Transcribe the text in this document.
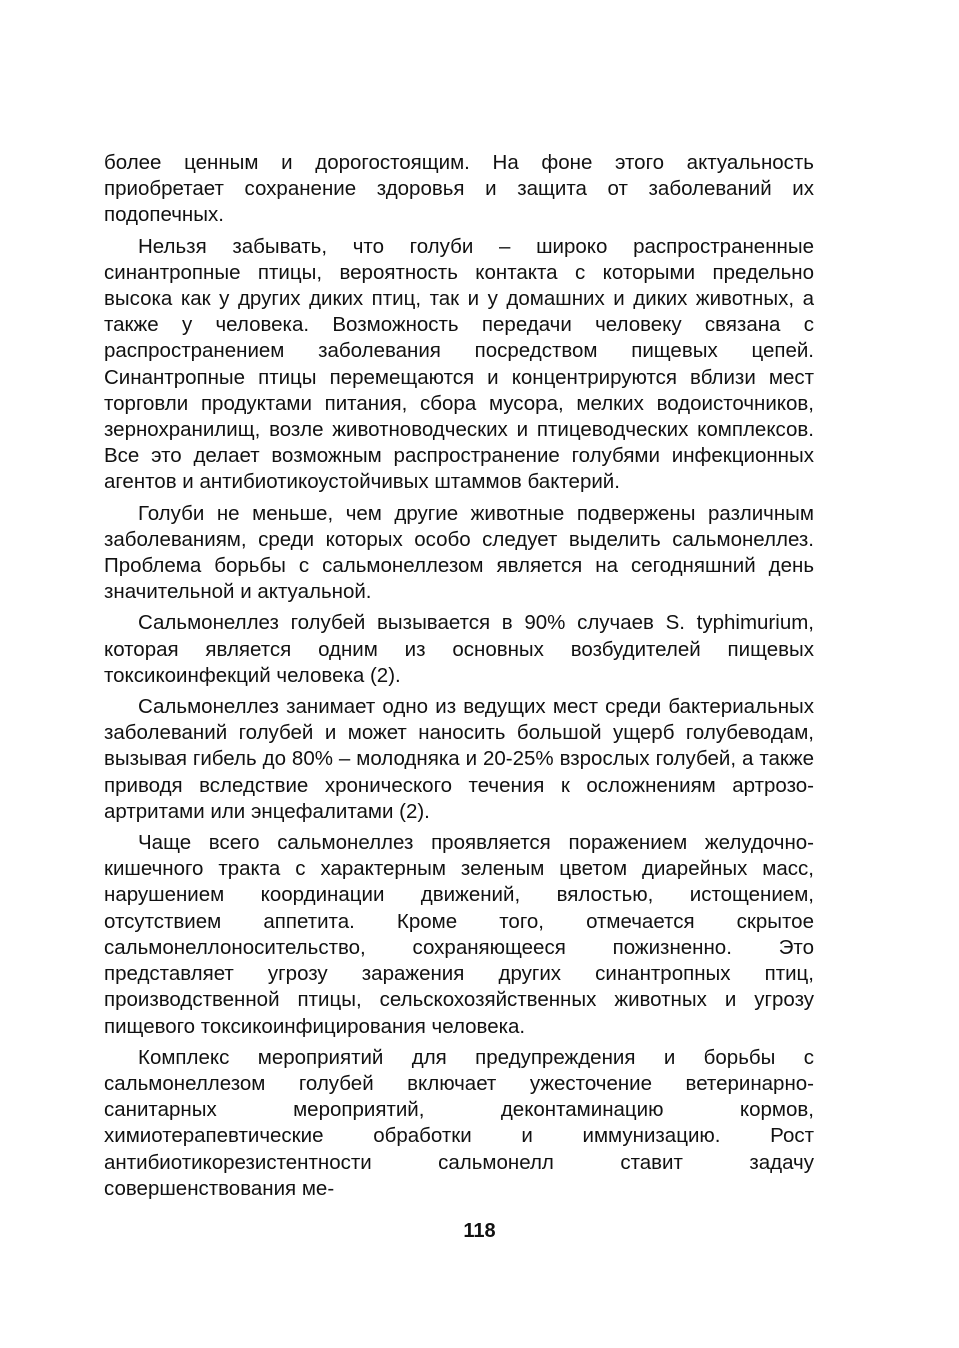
более ценным и дорогостоящим. На фоне этого актуальность приобретает сохранение здоровья и защита от заболеваний их подопечных.

Нельзя забывать, что голуби – широко распространенные синантропные птицы, вероятность контакта с которыми предельно высока как у других диких птиц, так и у домашних и диких животных, а также у человека. Возможность передачи человеку связана с распространением заболевания посредством пищевых цепей. Синантропные птицы перемещаются и концентрируются вблизи мест торговли продуктами питания, сбора мусора, мелких водоисточников, зернохранилищ, возле животноводческих и птицеводческих комплексов. Все это делает возможным распространение голубями инфекционных агентов и антибиотикоустойчивых штаммов бактерий.

Голуби не меньше, чем другие животные подвержены различным заболеваниям, среди которых особо следует выделить сальмонеллез. Проблема борьбы с сальмонеллезом является на сегодняшний день значительной и актуальной.

Сальмонеллез голубей вызывается в 90% случаев S. typhimurium, которая является одним из основных возбудителей пищевых токсикоинфекций человека (2).

Сальмонеллез занимает одно из ведущих мест среди бактериальных заболеваний голубей и может наносить большой ущерб голубеводам, вызывая гибель до 80% – молодняка и 20-25% взрослых голубей, а также приводя вследствие хронического течения к осложнениям артрозо-артритами или энцефалитами (2).

Чаще всего сальмонеллез проявляется поражением желудочно-кишечного тракта с характерным зеленым цветом диарейных масс, нарушением координации движений, вялостью, истощением, отсутствием аппетита. Кроме того, отмечается скрытое сальмонеллоносительство, сохраняющееся пожизненно. Это представляет угрозу заражения других синантропных птиц, производственной птицы, сельскохозяйственных животных и угрозу пищевого токсикоинфицирования человека.

Комплекс мероприятий для предупреждения и борьбы с сальмонеллезом голубей включает ужесточение ветеринарно-санитарных мероприятий, деконтаминацию кормов, химиотерапевтические обработки и иммунизацию. Рост антибиотикорезистентности сальмонелл ставит задачу совершенствования ме-

118
